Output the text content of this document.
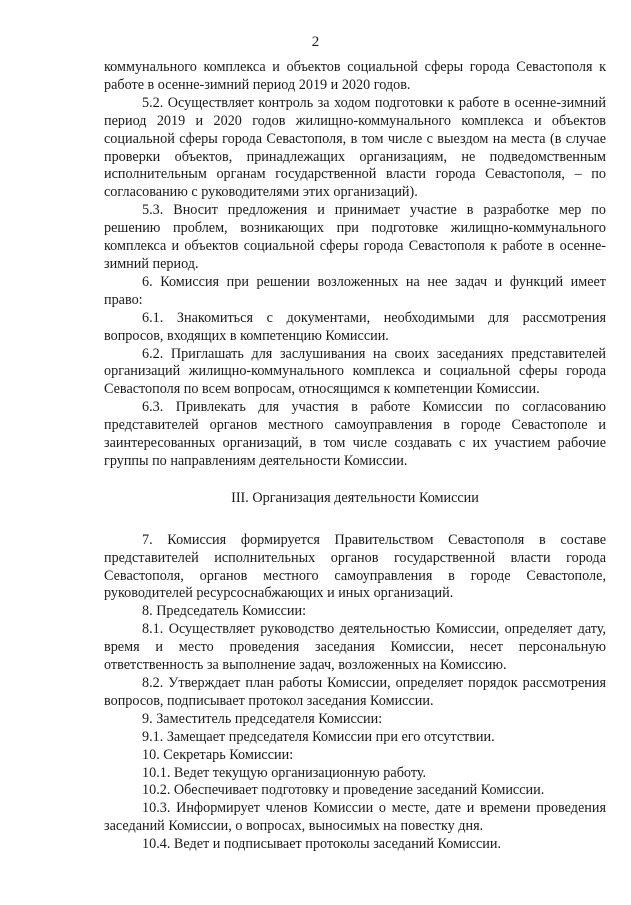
2

коммунального комплекса и объектов социальной сферы города Севастополя к работе в осенне-зимний период 2019 и 2020 годов.

5.2. Осуществляет контроль за ходом подготовки к работе в осенне-зимний период 2019 и 2020 годов жилищно-коммунального комплекса и объектов социальной сферы города Севастополя, в том числе с выездом на места (в случае проверки объектов, принадлежащих организациям, не подведомственным исполнительным органам государственной власти города Севастополя, – по согласованию с руководителями этих организаций).

5.3. Вносит предложения и принимает участие в разработке мер по решению проблем, возникающих при подготовке жилищно-коммунального комплекса и объектов социальной сферы города Севастополя к работе в осенне-зимний период.

6. Комиссия при решении возложенных на нее задач и функций имеет право:

6.1. Знакомиться с документами, необходимыми для рассмотрения вопросов, входящих в компетенцию Комиссии.

6.2. Приглашать для заслушивания на своих заседаниях представителей организаций жилищно-коммунального комплекса и социальной сферы города Севастополя по всем вопросам, относящимся к компетенции Комиссии.

6.3. Привлекать для участия в работе Комиссии по согласованию представителей органов местного самоуправления в городе Севастополе и заинтересованных организаций, в том числе создавать с их участием рабочие группы по направлениям деятельности Комиссии.

III. Организация деятельности Комиссии

7. Комиссия формируется Правительством Севастополя в составе представителей исполнительных органов государственной власти города Севастополя, органов местного самоуправления в городе Севастополе, руководителей ресурсоснабжающих и иных организаций.

8. Председатель Комиссии:

8.1. Осуществляет руководство деятельностью Комиссии, определяет дату, время и место проведения заседания Комиссии, несет персональную ответственность за выполнение задач, возложенных на Комиссию.

8.2. Утверждает план работы Комиссии, определяет порядок рассмотрения вопросов, подписывает протокол заседания Комиссии.

9. Заместитель председателя Комиссии:

9.1. Замещает председателя Комиссии при его отсутствии.

10. Секретарь Комиссии:

10.1. Ведет текущую организационную работу.

10.2. Обеспечивает подготовку и проведение заседаний Комиссии.

10.3. Информирует членов Комиссии о месте, дате и времени проведения заседаний Комиссии, о вопросах, выносимых на повестку дня.

10.4. Ведет и подписывает протоколы заседаний Комиссии.
